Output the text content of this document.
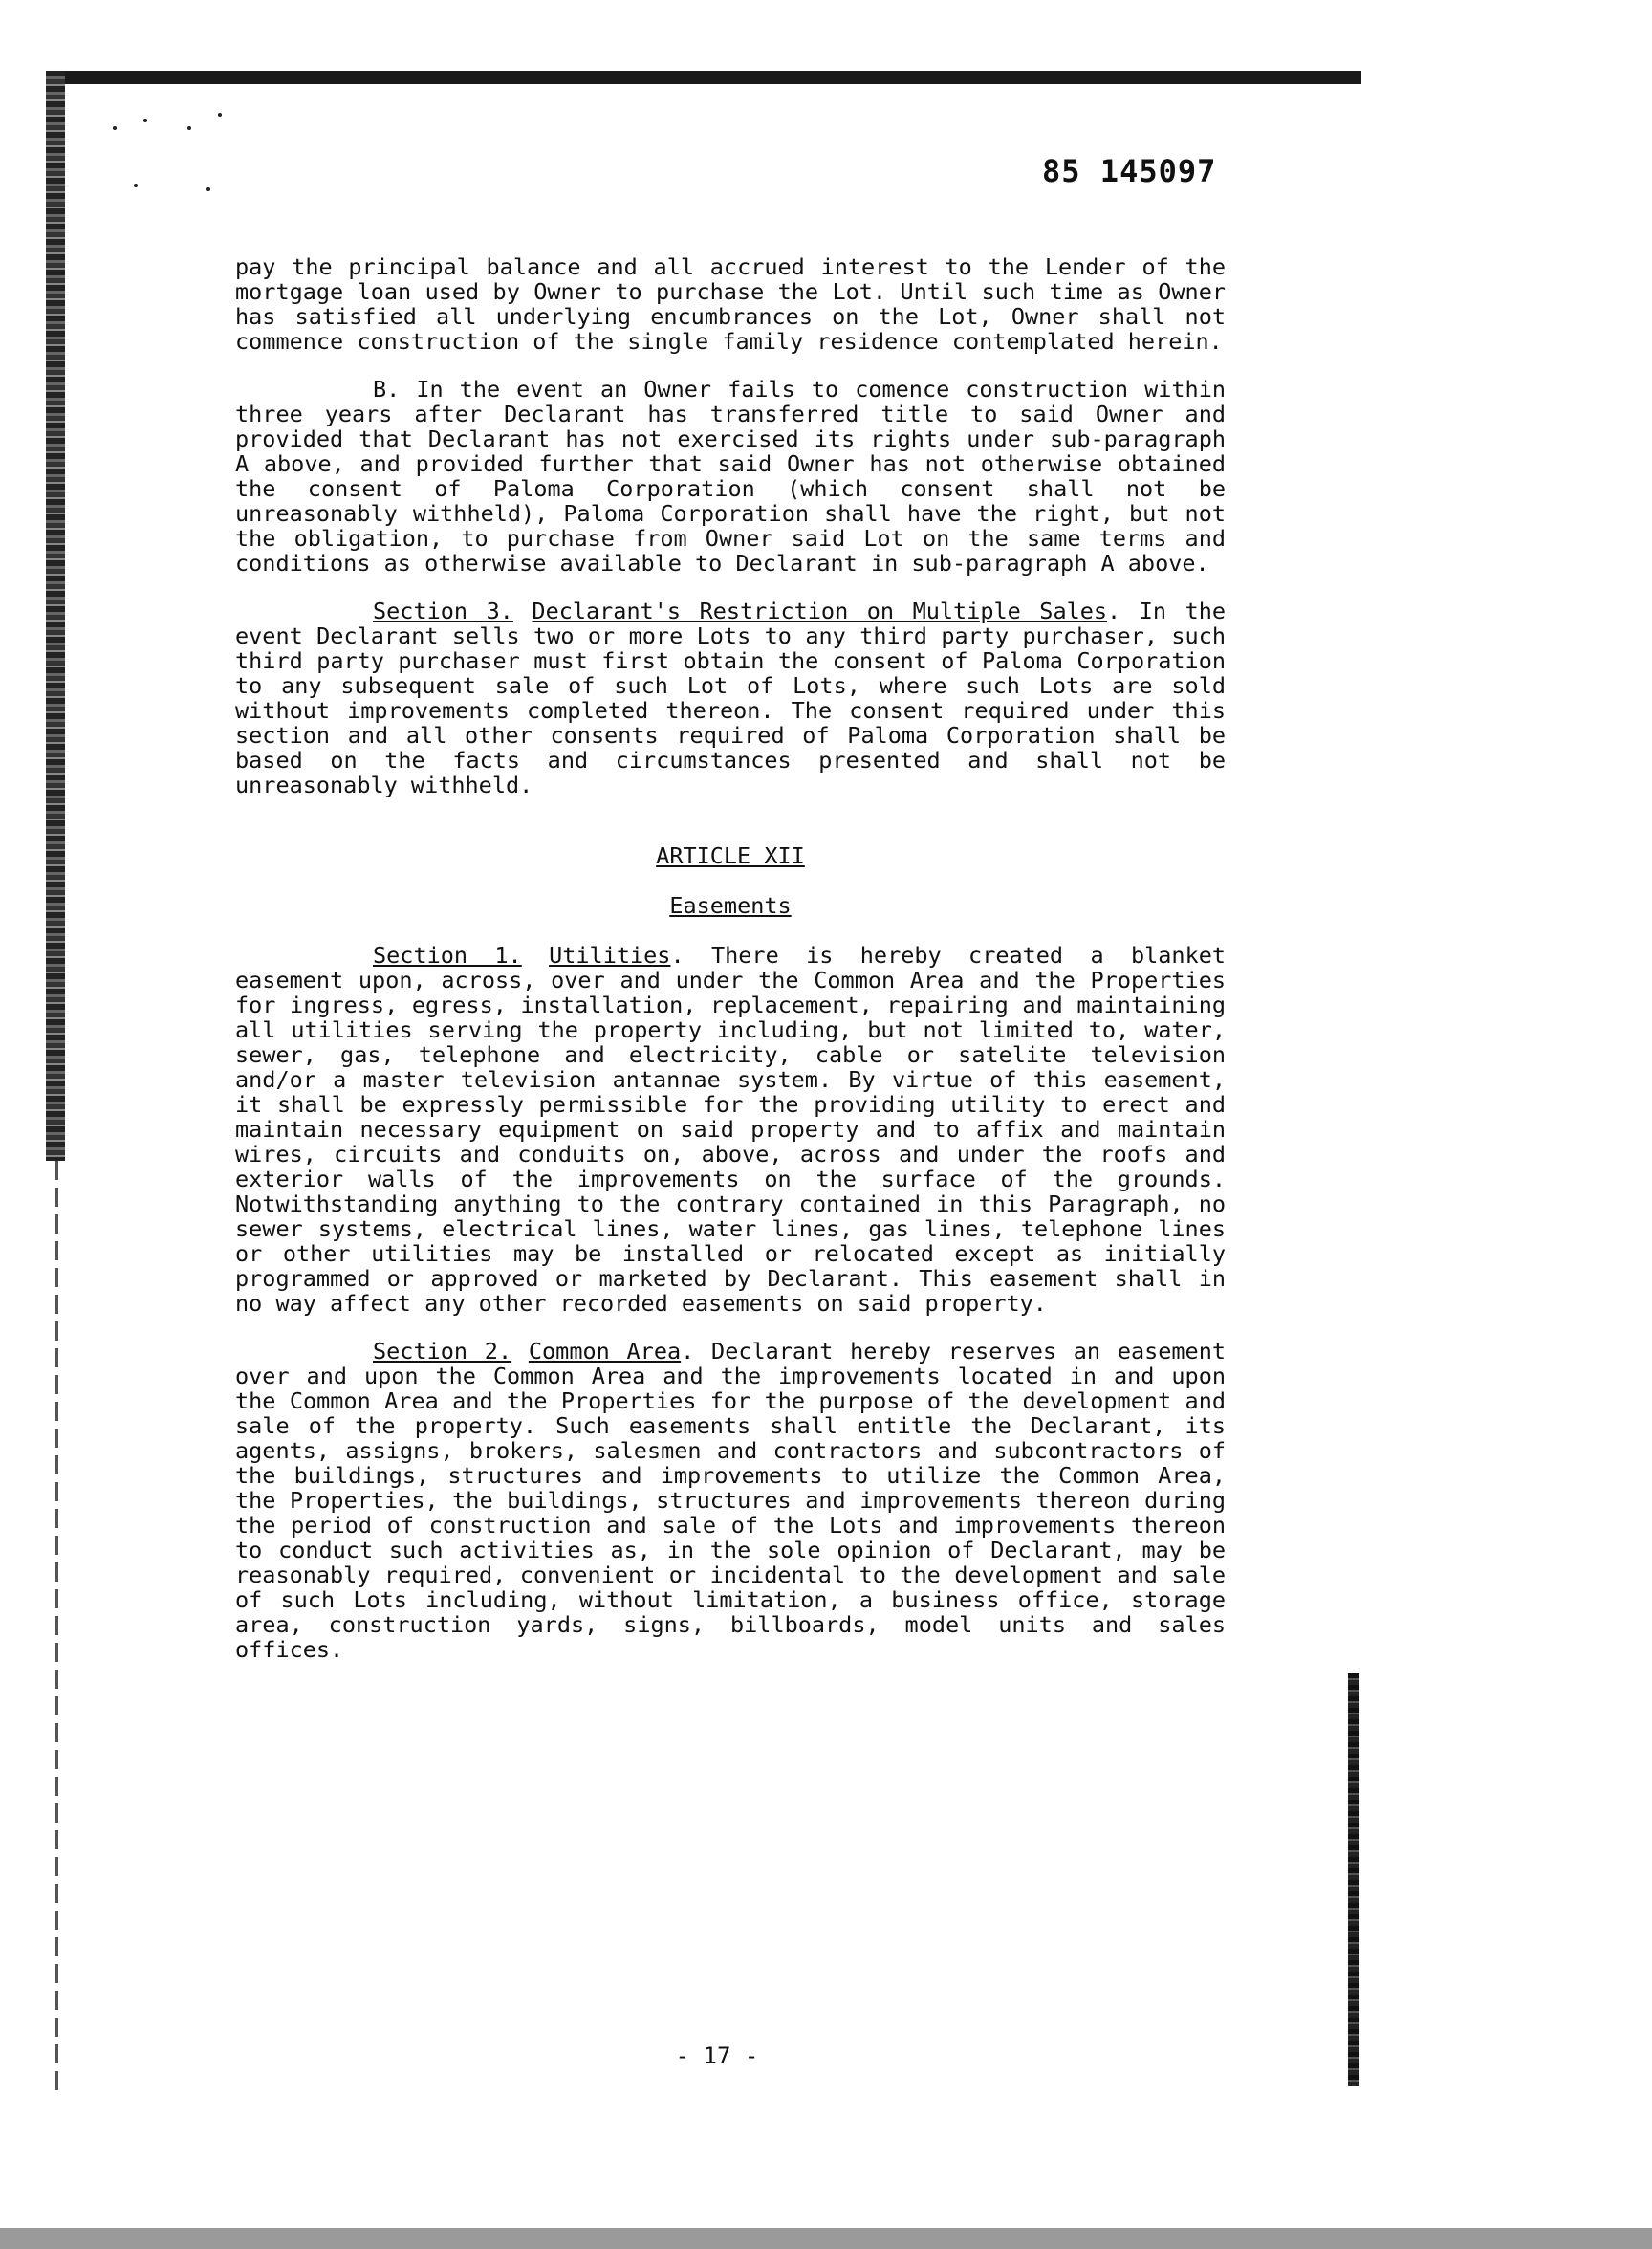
85 145097

pay the principal balance and all accrued interest to the Lender of the mortgage loan used by Owner to purchase the Lot. Until such time as Owner has satisfied all underlying encumbrances on the Lot, Owner shall not commence construction of the single family residence contemplated herein.

B. In the event an Owner fails to comence construction within three years after Declarant has transferred title to said Owner and provided that Declarant has not exercised its rights under sub-paragraph A above, and provided further that said Owner has not otherwise obtained the consent of Paloma Corporation (which consent shall not be unreasonably withheld), Paloma Corporation shall have the right, but not the obligation, to purchase from Owner said Lot on the same terms and conditions as otherwise available to Declarant in sub-paragraph A above.

Section 3. Declarant's Restriction on Multiple Sales. In the event Declarant sells two or more Lots to any third party purchaser, such third party purchaser must first obtain the consent of Paloma Corporation to any subsequent sale of such Lot of Lots, where such Lots are sold without improvements completed thereon. The consent required under this section and all other consents required of Paloma Corporation shall be based on the facts and circumstances presented and shall not be unreasonably withheld.

ARTICLE XII

Easements

Section 1. Utilities. There is hereby created a blanket easement upon, across, over and under the Common Area and the Properties for ingress, egress, installation, replacement, repairing and maintaining all utilities serving the property including, but not limited to, water, sewer, gas, telephone and electricity, cable or satelite television and/or a master television antannae system. By virtue of this easement, it shall be expressly permissible for the providing utility to erect and maintain necessary equipment on said property and to affix and maintain wires, circuits and conduits on, above, across and under the roofs and exterior walls of the improvements on the surface of the grounds. Notwithstanding anything to the contrary contained in this Paragraph, no sewer systems, electrical lines, water lines, gas lines, telephone lines or other utilities may be installed or relocated except as initially programmed or approved or marketed by Declarant. This easement shall in no way affect any other recorded easements on said property.

Section 2. Common Area. Declarant hereby reserves an easement over and upon the Common Area and the improvements located in and upon the Common Area and the Properties for the purpose of the development and sale of the property. Such easements shall entitle the Declarant, its agents, assigns, brokers, salesmen and contractors and subcontractors of the buildings, structures and improvements to utilize the Common Area, the Properties, the buildings, structures and improvements thereon during the period of construction and sale of the Lots and improvements thereon to conduct such activities as, in the sole opinion of Declarant, may be reasonably required, convenient or incidental to the development and sale of such Lots including, without limitation, a business office, storage area, construction yards, signs, billboards, model units and sales offices.

- 17 -
